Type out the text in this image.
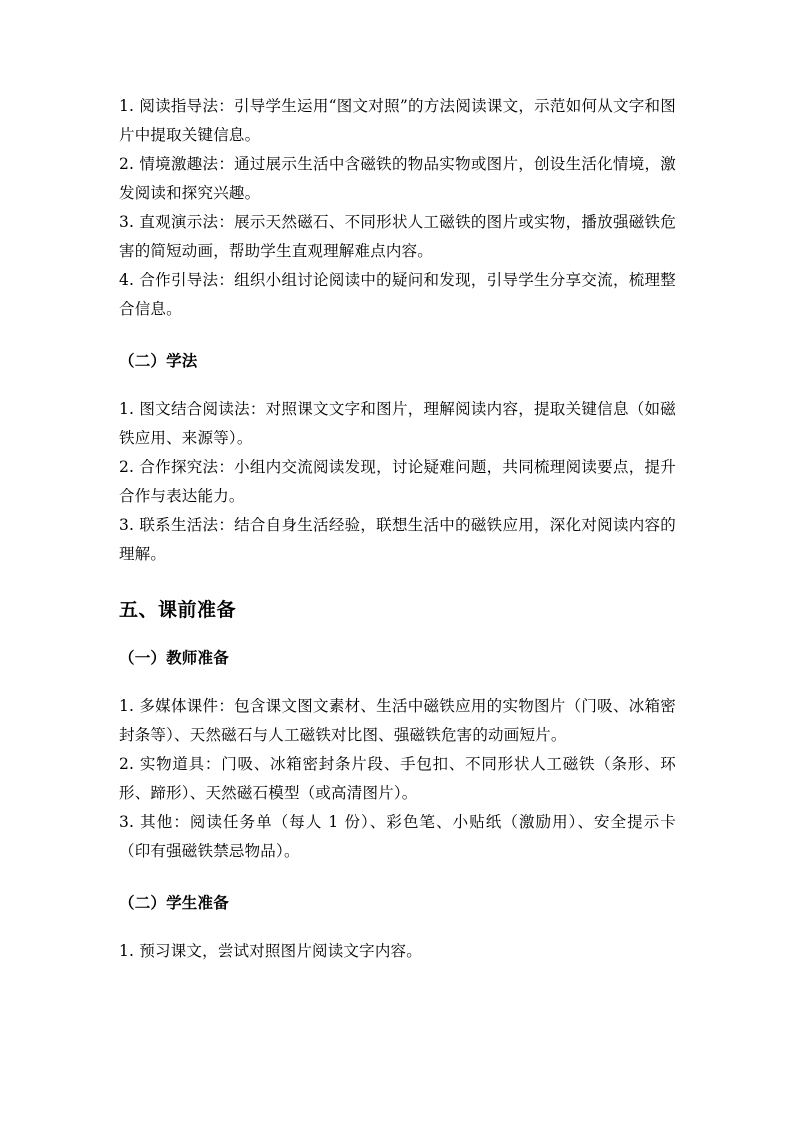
1. 阅读指导法：引导学生运用“图文对照”的方法阅读课文，示范如何从文字和图片中提取关键信息。

2. 情境激趣法：通过展示生活中含磁铁的物品实物或图片，创设生活化情境，激发阅读和探究兴趣。

3. 直观演示法：展示天然磁石、不同形状人工磁铁的图片或实物，播放强磁铁危害的简短动画，帮助学生直观理解难点内容。

4. 合作引导法：组织小组讨论阅读中的疑问和发现，引导学生分享交流，梳理整合信息。

（二）学法

1. 图文结合阅读法：对照课文文字和图片，理解阅读内容，提取关键信息（如磁铁应用、来源等）。

2. 合作探究法：小组内交流阅读发现，讨论疑难问题，共同梳理阅读要点，提升合作与表达能力。

3. 联系生活法：结合自身生活经验，联想生活中的磁铁应用，深化对阅读内容的理解。

五、课前准备
（一）教师准备

1. 多媒体课件：包含课文图文素材、生活中磁铁应用的实物图片（门吸、冰箱密封条等）、天然磁石与人工磁铁对比图、强磁铁危害的动画短片。

2. 实物道具：门吸、冰箱密封条片段、手包扣、不同形状人工磁铁（条形、环形、蹄形）、天然磁石模型（或高清图片）。

3. 其他：阅读任务单（每人 1 份）、彩色笔、小贴纸（激励用）、安全提示卡（印有强磁铁禁忌物品）。

（二）学生准备

1. 预习课文，尝试对照图片阅读文字内容。
